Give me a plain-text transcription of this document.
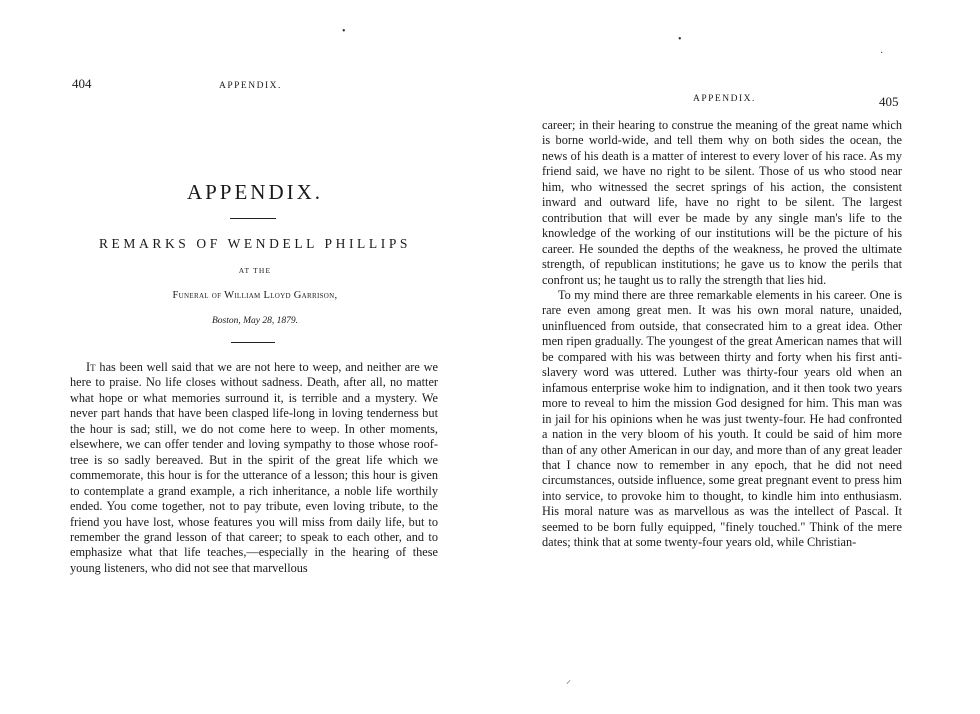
404	APPENDIX.
APPENDIX.
REMARKS OF WENDELL PHILLIPS
AT THE
Funeral of William Lloyd Garrison,
Boston, May 28, 1879.

It has been well said that we are not here to weep, and neither are we here to praise. No life closes without sadness. Death, after all, no matter what hope or what memories surround it, is terrible and a mystery. We never part hands that have been clasped life-long in loving tenderness but the hour is sad; still, we do not come here to weep. In other moments, elsewhere, we can offer tender and loving sympathy to those whose roof-tree is so sadly bereaved. But in the spirit of the great life which we commemorate, this hour is for the utterance of a lesson; this hour is given to contemplate a grand example, a rich inheritance, a noble life worthily ended. You come together, not to pay tribute, even loving tribute, to the friend you have lost, whose features you will miss from daily life, but to remember the grand lesson of that career; to speak to each other, and to emphasize what that life teaches,—especially in the hearing of these young listeners, who did not see that marvellous

APPENDIX.	405

career; in their hearing to construe the meaning of the great name which is borne world-wide, and tell them why on both sides the ocean, the news of his death is a matter of interest to every lover of his race. As my friend said, we have no right to be silent. Those of us who stood near him, who witnessed the secret springs of his action, the consistent inward and outward life, have no right to be silent. The largest contribution that will ever be made by any single man's life to the knowledge of the working of our institutions will be the picture of his career. He sounded the depths of the weakness, he proved the ultimate strength, of republican institutions; he gave us to know the perils that confront us; he taught us to rally the strength that lies hid.

To my mind there are three remarkable elements in his career. One is rare even among great men. It was his own moral nature, unaided, uninfluenced from outside, that consecrated him to a great idea. Other men ripen gradually. The youngest of the great American names that will be compared with his was between thirty and forty when his first anti-slavery word was uttered. Luther was thirty-four years old when an infamous enterprise woke him to indignation, and it then took two years more to reveal to him the mission God designed for him. This man was in jail for his opinions when he was just twenty-four. He had confronted a nation in the very bloom of his youth. It could be said of him more than of any other American in our day, and more than of any great leader that I chance now to remember in any epoch, that he did not need circumstances, outside influence, some great pregnant event to press him into service, to provoke him to thought, to kindle him into enthusiasm. His moral nature was as marvellous as was the intellect of Pascal. It seemed to be born fully equipped, "finely touched." Think of the mere dates; think that at some twenty-four years old, while Christian-

•
•
·
⸝
